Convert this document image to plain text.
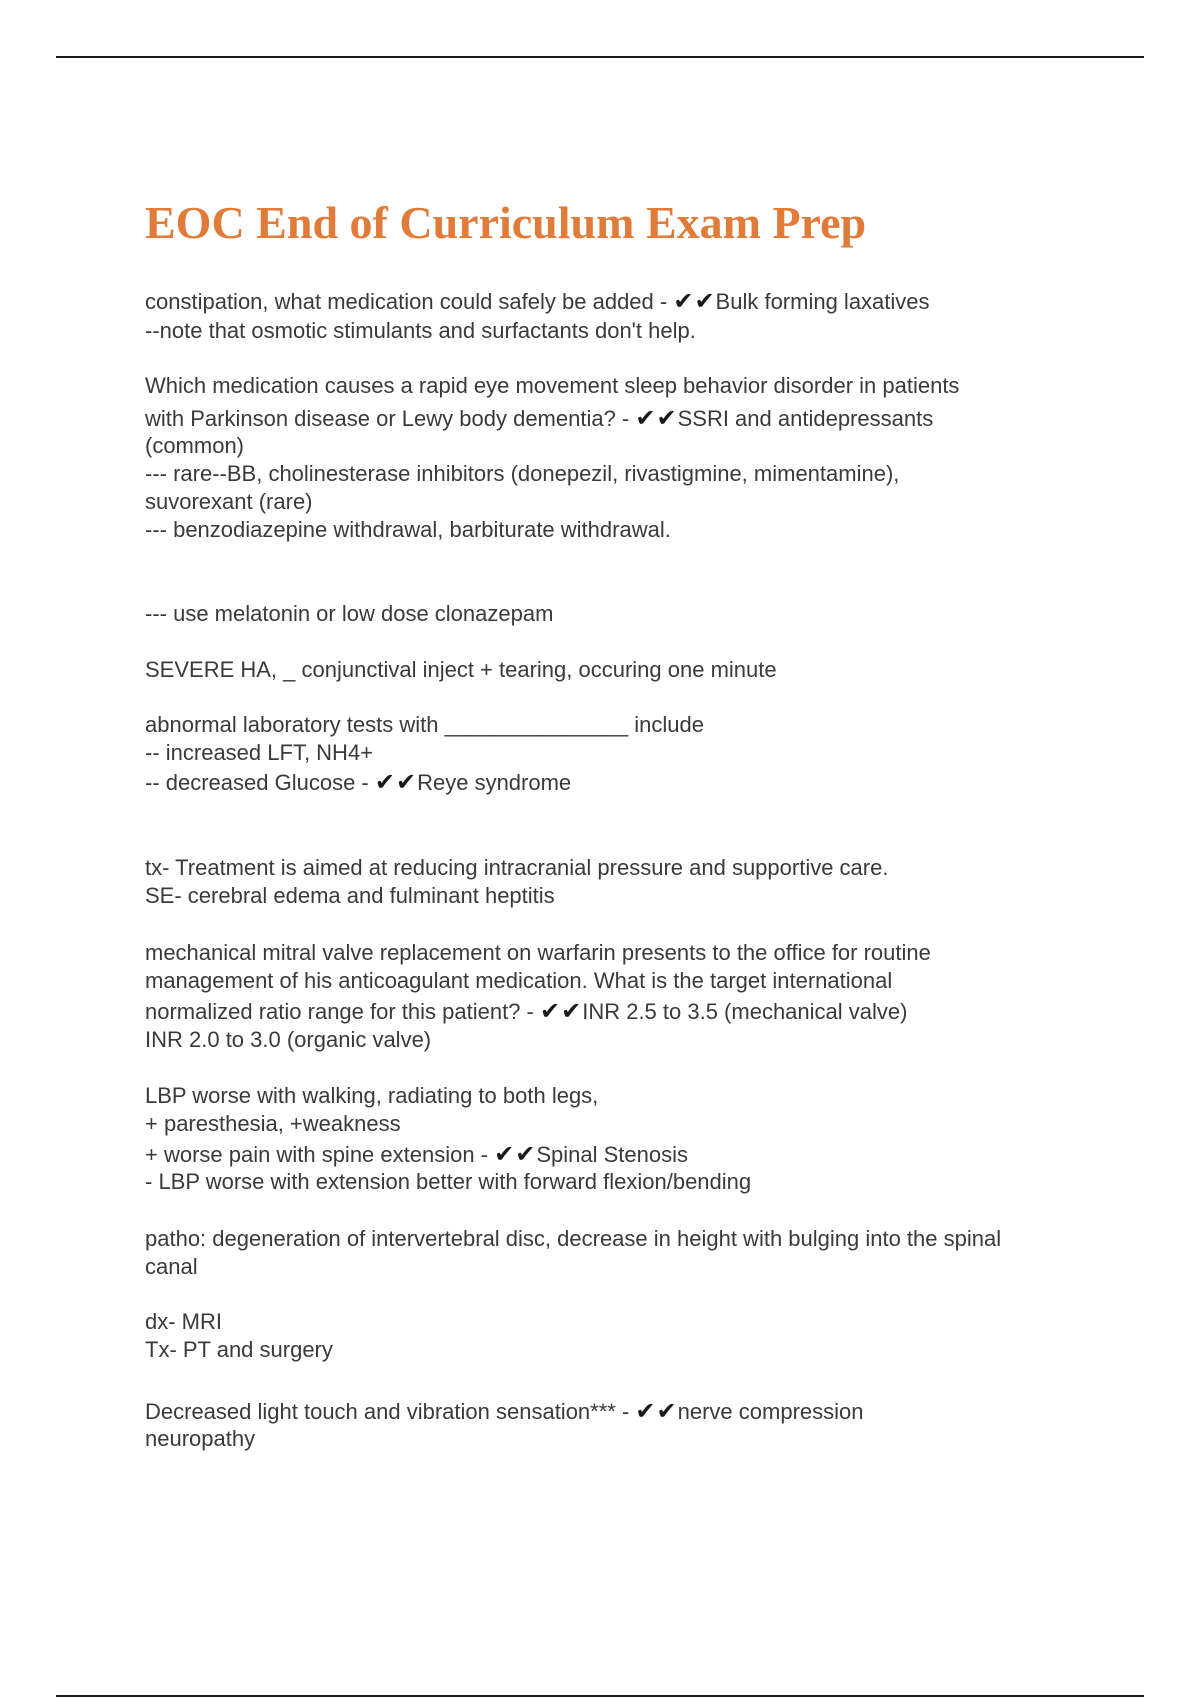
EOC End of Curriculum Exam Prep
constipation, what medication could safely be added - ✔✔Bulk forming laxatives
--note that osmotic stimulants and surfactants don't help.
Which medication causes a rapid eye movement sleep behavior disorder in patients
with Parkinson disease or Lewy body dementia? - ✔✔SSRI and antidepressants
(common)
--- rare--BB, cholinesterase inhibitors (donepezil, rivastigmine, mimentamine),
suvorexant (rare)
--- benzodiazepine withdrawal, barbiturate withdrawal.
--- use melatonin or low dose clonazepam
SEVERE HA, _ conjunctival inject + tearing, occuring one minute
abnormal laboratory tests with _______________ include
-- increased LFT, NH4+
-- decreased Glucose - ✔✔Reye syndrome
tx- Treatment is aimed at reducing intracranial pressure and supportive care.
SE- cerebral edema and fulminant heptitis
mechanical mitral valve replacement on warfarin presents to the office for routine
management of his anticoagulant medication. What is the target international
normalized ratio range for this patient? - ✔✔INR 2.5 to 3.5 (mechanical valve)
INR 2.0 to 3.0 (organic valve)
LBP worse with walking, radiating to both legs,
+ paresthesia, +weakness
+ worse pain with spine extension - ✔✔Spinal Stenosis
- LBP worse with extension better with forward flexion/bending
patho: degeneration of intervertebral disc, decrease in height with bulging into the spinal
canal
dx- MRI
Tx- PT and surgery
Decreased light touch and vibration sensation*** - ✔✔nerve compression
neuropathy
